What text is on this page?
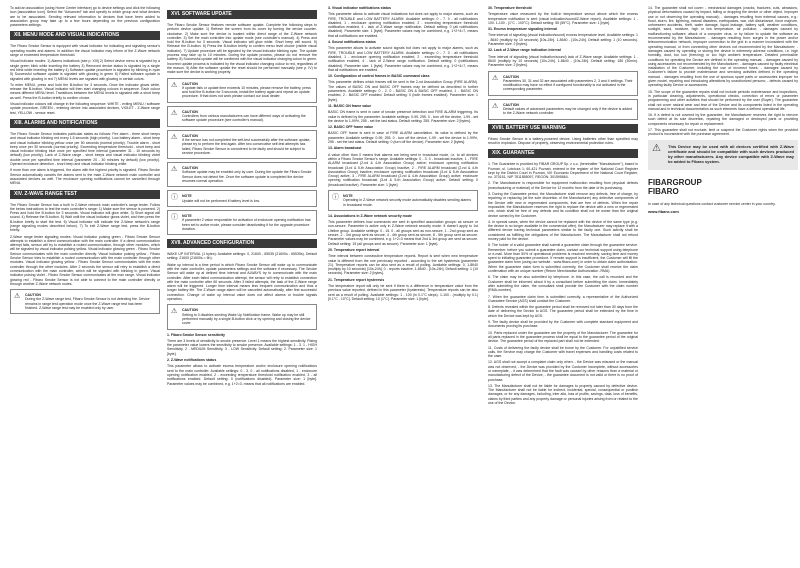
To add an association (using Home Center interface) go to device settings and click the following icon [association icon]. Select the "Advanced" tab and specify to which group and what devices are to be associated. Sending relevant information to devices that have been added to association group may take up to a few hours depending on the previous configuration parameters settings.

XII. MENU MODE AND VISUAL INDICATIONS

The Fibaro Smoke Sensor is equipped with visual indicator for indicating and signaling sensor's operating modes and alarms. In addition the visual indicator may inform of the Z-Wave network range or exceeded temperature threshold.

Visual indicator modes: 1) Alarms indications (see p. XIII) 2) Select device menu is signaled by a single green blink while inserting the battery 3) Removed device status is signaled by a single red blink while inserting the battery 4) Software update procedure is signaled by blinking in cyan 5) Successful software update is signaled with glowing in green 6) Failed software update is signaled with glowing in red 7) MENU levels are signaled with glowing in certain colors.

To enter MENU, press and hold the B-button for 3 seconds. Once the indicator glows white, release the B-button. Visual indicator will then start changing colours in sequence. Each colour means different MENU level. Transitions between the MENU levels is signaled with a short beep as well. Press the B-button briefly to confirm choice.

Visual indicator colours will change in the following sequence: WHITE - exiting MENU / software update procedure, GREEN - entering device into associated devices, VIOLET - Z-Wave range test, YELLOW - sensor reset.

XIII. ALARMS AND NOTIFICATIONS

The Fibaro Smoke Sensor indicates particular states as follows: Fire alarm - three short beeps and visual indicator blinking red every 1.5 seconds (high priority). Low battery alarm - short beep and visual indicator blinking yellow once per 50 seconds (normal priority). Trouble alarm - short beep once per 30 seconds (normal priority). Exceeding temperature threshold - short beep and visual indicator blinking blue once per specified time interval (parameter 31 - 10 seconds by default) (low priority). Lack of Z-Wave range - short beeps and visual indicator blinking violet double once per specified time interval (parameter 20 - 30 minutes by default) (low priority). Opened enclosure detection - short beep and visual indicator blinking white.

If more than one alarm is triggered, the alarm with the highest priority is signaled. Fibaro Smoke Sensor automatically cancels fire alarms sent to the main Z-Wave network main controller and associated devices as well. The enclosure opening notifications cannot be cancelled through MENU.

XIV. Z-WAVE RANGE TEST

The Fibaro Smoke Sensor has a built in Z-Wave network main controller's range tester. Follow the below instructions to test the main controller's range: 1) Make sure the sensor is powered. 2) Press and hold the B-button for 3 seconds. Visual indicator will glow white. 3) Short signal will sound. 4) Release the B-button. 5) Wait until the visual indicator glows violet, and then press the B-button briefly to start the test. 6) Visual indicator will indicate the Z-Wave network's range (range signaling modes described below). 7) To exit Z-Wave range test, press the B-button briefly.

Z-Wave range tester signaling modes: Visual indicator pulsing green - Fibaro Smoke Sensor attempts to establish a direct communication with the main controller. If a direct communication attempt fails, sensor will try to establish a routed communication, through other modules, which will be signaled by visual indicator pulsing yellow. Visual indicator glowing green - Fibaro Smoke Sensor communicates with the main controller directly. Visual indicator pulsing yellow - Fibaro Smoke Sensor tries to establish a routed communication with the main controller through other modules. Visual indicator glowing yellow - Fibaro Smoke Sensor communicates with the main controller through the other modules. After 2 seconds the sensor will retry to establish a direct communication with the main controller, which will be signaled with blinking in green. Visual indicator pulsing violet - Fibaro Smoke Sensor communicates at the max range. Visual indicator glowing red - Fibaro Smoke Sensor is not able to connect to the main controller directly or through another Z-Wave network nodes.

⚠ CAUTION
During the Z-Wave range test, Fibaro Smoke Sensor is not detecting fire. Device remains in range test operation mode once the Z-Wave range test has been finished. Z-Wave range test may be enabled only by user.
XVI. SOFTWARE UPDATE

The Fibaro Smoke Sensor features remote software update. Complete the following steps to perform device update: 1) Refresh the screen from its cover by turning the device counter-clockwise. 2) Make sure the device is located within direct range of the Z-Wave network controller. 3) Set the main controller into update mode (see controller's manual). 4) Press and hold the B-button for 3 seconds. Visual indicator will glow white. Short beep will sound. 5) Release the B-button. 6) Press the B-button briefly to confirm menu level choice (visible visual indicator). 7) Update procedure will be signaled by the visual indicator blinking cyan. The update process may take up to 10 minutes. During the update process, please do not remove the battery. 8) Successful update will be confirmed with the visual indicator changing colour to green. Incorrect update process is indicated by the visual indicator changing colour to red, regardless of the reason. 9) After the software update the reset should be performed manually (see p. IV) to make sure the device is working properly.

⚠ CAUTION
If update fails or update time exceeds 10 minutes, please remove the battery, press and hold the B-button for 3 seconds, install the battery again and repeat an update procedure. If that does not work please contact our local dealer.
⚠ CAUTION
Controllers from various manufacturers can have different ways of activating the software update procedure (see controller's manual).
⚠ CAUTION
If the sensor has not completed the self-test successfully after the software update, please try to perform the test again. After two consecutive self-test attempts has failed, Fibaro Smoke Sensor is considered to be faulty and should be subject to service procedure.
⚠ CAUTION
Software update may be enabled only by user. During the update the Fibaro Smoke Sensor does not detect fire. Once the software update is completed the device resumes normal operation.
ⓘ NOTE
Update will not be performed if battery level is low.
ⓘ NOTE
If parameter 2 value responsible for activation of enclosure opening notification has been set to active mode, please consider deactivating it for the upgrade procedure duration.
XVII. ADVANCED CONFIGURATION

WAKE UP INTERVAL (1 bytes): Available settings: 0, 21600 - 65535 (21600s - 65535s). Default setting: 21600 (21600s = 6h).

Wake up interval is a time period in which Fibaro Smoke Sensor will wake up to communicate with the main controller, update parameters settings and the software if necessary. The Smoke Sensor will wake up at defined time interval and ALWAYS try to communicate with the main controller. After each failed communication attempt, the sensor will retry to establish connection with the main controller after 60 seconds. After 3 failed attempts, the task of the Z-Wave range alarm will be triggered. Longer time interval means less frequent communication and thus a longer battery life. The Z-Wave range alarm will be cancelled automatically, after first successful connection. Change of wake up interval value does not affect alarms or trouble signals operation.

⚠ CAUTION
Setting to 0 disables sending Wake Up Notification frame. Wake up may be still performed manually by a single B-button click or by opening and closing the device cover.

1. Fibaro Smoke Sensor sensitivity

There are 3 levels of sensitivity to smoke presence. Level 1 means the highest sensitivity. Rising the parameter value lowers the sensitivity to smoke presence. Available settings: 1 - 3. 1 - HIGH Sensitivity, 2 - MEDIUM Sensitivity, 3 - LOW Sensitivity. Default setting: 2. Parameter size: 1 [byte].

2. Z-Wave notifications status

This parameter allows to activate excess temperature and/or enclosure opening notifications sent to the main controller. Available settings: 0 - 3. 0 - all notifications disabled, 1 - enclosure opening notification enabled, 2 - exceeding temperature threshold notification enabled, 3 - all notifications enabled. Default setting: 0 (notifications disabled). Parameter size: 1 [byte]. Parameter values may be combined, e.g. 1+2=3, means that all notifications are enabled.

3. Visual indicator notifications status

This parameter allows to activate visual indications but does not apply to major alarms, such as FIRE, TROUBLE and LOW BATTERY ALARM. Available settings: 0 - 7. 0 - all notifications disabled, 1 - enclosure opening notification enabled, 2 - exceeding temperature threshold notification enabled, 4 - lack of Z-Wave range notification. Default setting: 0 (all notifications disabled). Parameter size: 1 [byte]. Parameter values may be combined, e.g. 1+2+4=7, means that all notifications are enabled.

4. Sound notifications status

This parameter allows to activate sound signals but does not apply to major alarms, such as FIRE, TROUBLE and LOW BATTERY ALARM. Available settings: 0 - 7. 0 - all notifications disabled, 1 - enclosure opening notification enabled, 2 - exceeding temperature threshold notification enabled, 4 - lack of Z-Wave range notification. Default setting: 0 (notifications disabled). Parameter size: 1 [byte]. Parameter values may be combined, e.g. 1+2+4=7, means that all notifications are enabled.

10. Configuration of control frames in BASIC command class

This parameter defines which frames will be sent in the 2-nd Association Group (FIRE ALARM). The values of BASIC ON and BASIC OFF frames may be defined as described in further parameters. Available settings: 0 - 2. 0 - BASIC ON & BASIC OFF enabled, 1 - BASIC ON enabled, 2 - BASIC OFF enabled. Default setting: 0 (both frames enabled). Parameter size: 1 [byte].

11. BASIC ON frame value

BASIC ON frame is sent in case of smoke presence detection and FIRE ALARM triggering. Its value is defined by the parameter. Available settings: 0-99, 255. 0 - turn off the device, 1-99 - set the device to 1-99%, 255 - set the last status. Default setting: 255. Parameter size: 2 [bytes].

12. BASIC OFF frame value

BASIC OFF frame is sent in case of FIRE ALARM cancellation. Its value is defined by the parameter. Available settings: 0-99, 255. 0 - turn off the device, 1-99 - set the device to 1-99%, 255 - set the last status. Default setting: 0 (turn off the device). Parameter size: 2 [bytes].

13. Alarm broadcast

A value other than 0 means that alarms are being sent in broadcast mode, i.e. to all devices within a Fibaro Smoke Sensor's range. Available settings: 0 - 3. 0 - broadcast inactive, 1 - FIRE ALARM broadcast (2-nd & 4-th Association Group) active; enclosure opening notification broadcast (3-rd & 5-th Association Group) inactive, 2 - FIRE ALARM broadcast (2-nd & 4-th Association Group) inactive; enclosure opening notification broadcast (3-rd & 5-th Association Group) active, 3 - FIRE ALARM broadcast (2-nd & 4-th Association Group) active; enclosure opening notification broadcast (3-rd & 5-th Association Group) active. Default setting: 0 (broadcast inactive). Parameter size: 1 [byte].

ⓘ NOTE
Operating in Z-Wave network security mode automatically disables sending alarms in broadcast mode.

14. Associations in Z-Wave network security mode

This parameter defines how commands are sent in specified association groups: as secure or non-secure. Parameter is active only in Z-Wave network security mode. It doesn't apply to 1st Lifeline group. Available settings: 0 - 15. 0 - all groups sent as non-secure, 1 - 2nd group sent as secure, 2 - 3rd group sent as secure, 4 - 4th group sent as secure, 8 - 5th group sent as secure. Parameter values may be combined, e.g. 1+2=3 means that 2nd & 3rd group are sent as secure. Default setting: 15 (all groups sent as secure). Parameter size: 1 [byte].

20. Temperature report interval

Time interval between consecutive temperature reports. Report is sent when new temperature value is different from the one previously reported - according to the set hysteresis (parameter 21). Temperature reports can be also sent as a result of polling. Available settings: 0, 1-8640 (multiply by 10 seconds) [10s-24h]. 0 - reports inactive, 1-8640 - [10s-24h]. Default setting: 1 (10 seconds). Parameter size: 2 [bytes].

21. Temperature report hysteresis

The temperature report will only be sent if there is a difference in temperature value from the previous value reported, defined in this parameter (hysteresis). Temperature reports can be also sent as a result of polling. Available settings: 1 - 100 (in 0.1°C steps). 1-100 - (multiply by 0.1) [0.1°C - 10°C]. Default setting: 10 (1°C). Parameter size: 1 [byte].

30. Temperature threshold

Temperature value measured by the built-in temperature sensor above which the excess temperature notification is sent (visual indication/sound/Z-Wave report). Available settings: 1 - 100. 1-100 - (1°C - 100°C). Default setting: 55 (55°C). Parameter size: 1 [byte].

31. Excess temperature signaling interval

Time interval of signaling (visual indication/sound) excess temperature level. Available settings: 1 - 8640 (multiply by 10 seconds) [10s-24h]. 1-8640 - [10s-24h]. Default setting: 1 (10 seconds). Parameter size: 2 [bytes].

32. Lack of Z-Wave range indication interval

Time interval of signaling (visual indication/sound) lack of Z-Wave range. Available settings: 1 - 8640 (multiply by 10 seconds) [10s-24h]. 1-8640 - [10s-24h]. Default setting: 180 (30min). Parameter size: 2 [bytes].

⚠ CAUTION
Parameters 30, 31 and 32 are associated with parameters 2, 3 and 4 settings. Their modification may have no effect if configured functionality is not activated in the corresponding parameter.
⚠ CAUTION
Default values of advanced parameters may be changed only if the device is added to the Z-Wave network controller.
XVIII. BATTERY USE WARNING

Fibaro Smoke Sensor is a battery-powered device. Using batteries other than specified may result in explosion. Dispose of properly, observing environmental protection rules.

XIX. GUARANTEE

1. The Guarantee is provided by FIBAR GROUP Sp. z o.o. (hereinafter "Manufacturer"), based in Poznań, ul. Lotnicza 1; 60-421 Poznań, entered in the register of the National Court Register kept by the District Court in Poznań, VIII Economic Department of the National Court Register, no. 370151, NIP 7811858097, REGON: 301595664.

2. The Manufacturer is responsible for equipment malfunction resulting from physical defects (manufacturing or material) of the Device for 12 months from the date of its purchasing.

3. During the Guarantee period, the Manufacturer shall remove any defects, free of charge, by repairing or replacing (at the sole discretion of the Manufacturer) any defective components of the Device with new or regenerated components, that are free of defects. When the repair impossible, the Manufacturer reserves the right to replace the device with a new or regenerated one, which shall be free of any defects and its condition shall not be worse than the original device owned by the Customer.

4. In special cases, when the device cannot be replaced with the device of the same type (e.g. the device is no longer available in the commercial offer), the Manufacturer may replace it with a different device having technical parameters similar to the faulty one. Such activity shall be considered as fulfilling the obligations of the Manufacturer. The Manufacturer shall not refund money paid for the device.

5. The holder of a valid guarantee shall submit a guarantee claim through the guarantee service. Remember: before you submit a guarantee claim, contact our technical support using telephone or e-mail. More than 50% of operational problems is resolved remotely, saving time and money spent to initiating guarantee procedure. If remote support is insufficient, the Customer will fill the guarantee claim form (using our website - www.fibaro.com) in order to obtain claim authorization. When the guarantee claim form is submitted correctly, the Customer shall receive the claim confirmation with an unique number (Return Merchandise Authorization -RMA).

6. The claim may be also submitted by telephone. In this case, the call is recorded and the Customer shall be informed about it by a consultant before submitting the claim. Immediately after submitting the claim, the consultant shall provide the Customer with the claim number (RMA-number).

7. When the guarantee claim form is submitted correctly, a representative of the Authorized Guarantee Service (AGS) shall contact the Customer.

8. Defects revealed within the guarantee period shall be removed not later than 30 days from the date of delivering the Device to AGS. The guarantee period shall be extended by the time in which the Device was kept by AGS.

9. The faulty device shall be provided by the Customer with complete standard equipment and documents proving its purchase.

10. Parts replaced under the guarantee are the property of the Manufacturer. The guarantee for all parts replaced in the guarantee process shall be equal to the guarantee period of the original device. The guarantee period of the replaced part shall not be extended.

11. Costs of delivering the faulty device shall be borne by the Customer. For unjustified service calls, the Service may charge the Customer with travel expenses and handling costs related to the case.

12. AGS shall not accept a complaint claim only when: - the Device was misused or the manual was not observed, - the Device was provided by the Customer incomplete, without accessories or nameplate, - it was determined that the fault was caused by other reasons than a material or manufacturing defect of the Device, - the guarantee document is not valid or there is no proof of purchase.

13. The Manufacturer shall not be liable for damages to property caused by defective device. The Manufacturer shall not be liable for indirect, incidental, special, consequential or punitive damages, or for any damages, including, inter alia, loss of profits, savings, data, loss of benefits, claims by third parties and any property damage or personal injuries arising from or related to the use of the Device.

14. The guarantee shall not cover: - mechanical damages (cracks, fractures, cuts, abrasions, physical deformations caused by impact, falling or dropping the device or other object, improper use or not observing the operating manual); - damages resulting from external causes, e.g.: flood, storm, fire, lightning, natural disasters, earthquakes, war, civil disturbance, force majeure, unforeseen accidents, theft, water damage, liquid leakage, battery spill, weather conditions, sunlight, sand, moisture, high or low temperature, air pollution; - damages caused by malfunctioning software, attack of a computer virus, or by failure to update the software as recommended by the Manufacturer; - damages resulting from: surges in the power and/or telecommunication network, improper connection to the grid in a manner inconsistent with the operating manual, or from connecting other devices not recommended by the Manufacturer; - damages caused by operating or storing the device in extremely adverse conditions, i.e. high humidity, dust, too low (freezing) or too high ambient temperature. Detailed permissible conditions for operating the Device are defined in the operating manual; - damages caused by using accessories not recommended by the Manufacturer; - damages caused by faulty electrical installation of the Customer, including the use of incorrect fuses; - damages caused by Customer's failure to provide maintenance and servicing activities defined in the operating manual; - damages resulting from the use of spurious spare parts or accessories improper for given model, repairing and introducing alterations by unauthorized persons; - defects caused by operating faulty Device or accessories.

15. The scope of the guarantee repairs shall not include periodic maintenance and inspections, in particular cleaning, adjustments, operational checks, correction of errors or parameter programming and other activities that should be performed by the user (Buyer). The guarantee shall not cover natural wear and tear of the Device and its components listed in the operating manual and in technical documentation as such elements have a defined operational life.

16. If a defect is not covered by the guarantee, the Manufacturer reserves the right to remove such defect at its sole discretion, repairing the damaged or destroyed parts or providing components necessary for repair or replacement.

17. This guarantee shall not exclude, limit or suspend the Customer rights when the provided product is inconsistent with the purchase agreement.

⚠ This Device may be used with all devices certified with Z-Wave certificate and should be compatible with such devices produced by other manufacturers. Any device compatible with Z-Wave may be added to Fibaro system.

FIBARGROUP
FIBARO

In case of any technical questions contact customer service center in your country.

www.fibaro.com
